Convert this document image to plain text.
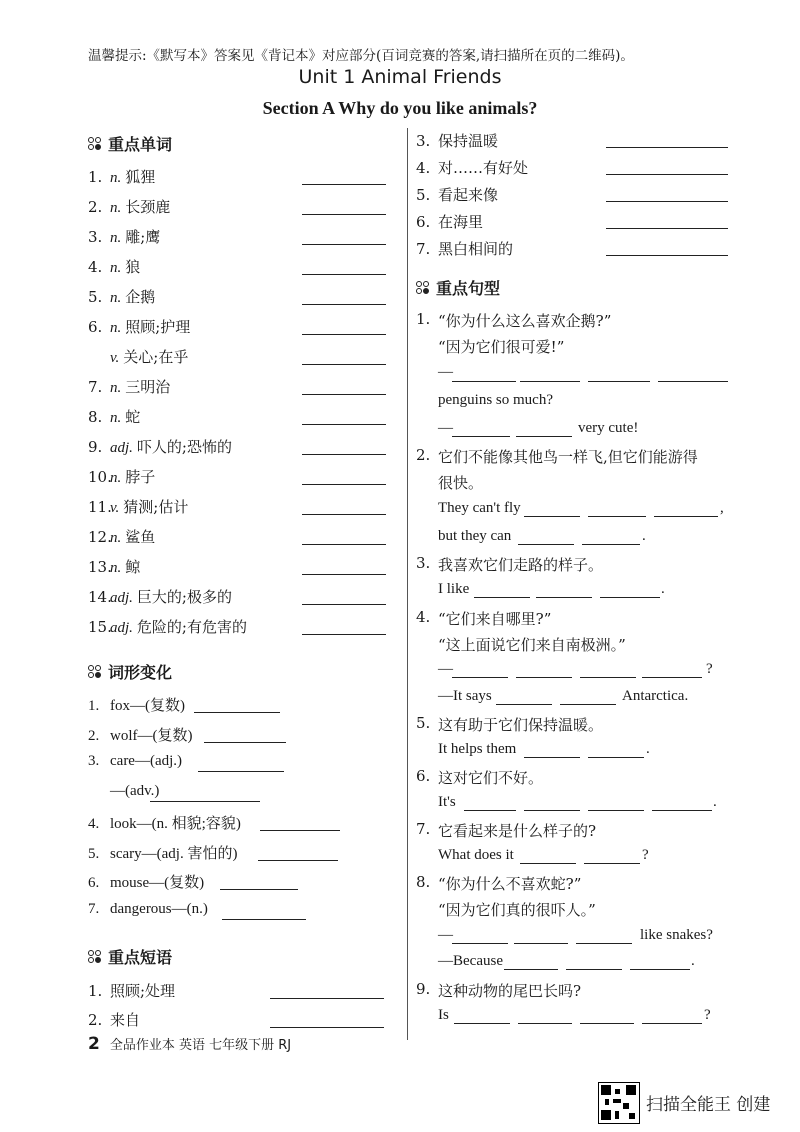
温馨提示:《默写本》答案见《背记本》对应部分(百词竞赛的答案,请扫描所在页的二维码)。
Unit 1 Animal Friends
Section A Why do you like animals?
重点单词
1. n. 狐狸
2. n. 长颈鹿
3. n. 雕;鹰
4. n. 狼
5. n. 企鹅
6. n. 照顾;护理
v. 关心;在乎
7. n. 三明治
8. n. 蛇
9. adj. 吓人的;恐怖的
10.n. 脖子
11.v. 猜测;估计
12.n. 鲨鱼
13.n. 鲸
14.adj. 巨大的;极多的
15.adj. 危险的;有危害的
词形变化
1. fox—(复数)
2. wolf—(复数)
3. care—(adj.)
—(adv.)
4. look—(n. 相貌;容貌)
5. scary—(adj. 害怕的)
6. mouse—(复数)
7. dangerous—(n.)
重点短语
1. 照顾;处理
2. 来自
3. 保持温暖
4. 对……有好处
5. 看起来像
6. 在海里
7. 黑白相间的
重点句型
1. “你为什么这么喜欢企鹅?”
“因为它们很可爱!”
—
penguins so much?
—	very cute!
2. 它们不能像其他鸟一样飞,但它们能游得
很快。
They can't fly	,
but they can	.
3. 我喜欢它们走路的样子。
I like	.
4. “它们来自哪里?”
“这上面说它们来自南极洲。”
—	?
—It says	Antarctica.
5. 这有助于它们保持温暖。
It helps them	.
6. 这对它们不好。
It's	.
7. 它看起来是什么样子的?
What does it	?
8. “你为什么不喜欢蛇?”
“因为它们真的很吓人。”
—	like snakes?
—Because	.
9. 这种动物的尾巴长吗?
Is	?
2 全品作业本 英语 七年级下册 RJ
扫描全能王 创建
